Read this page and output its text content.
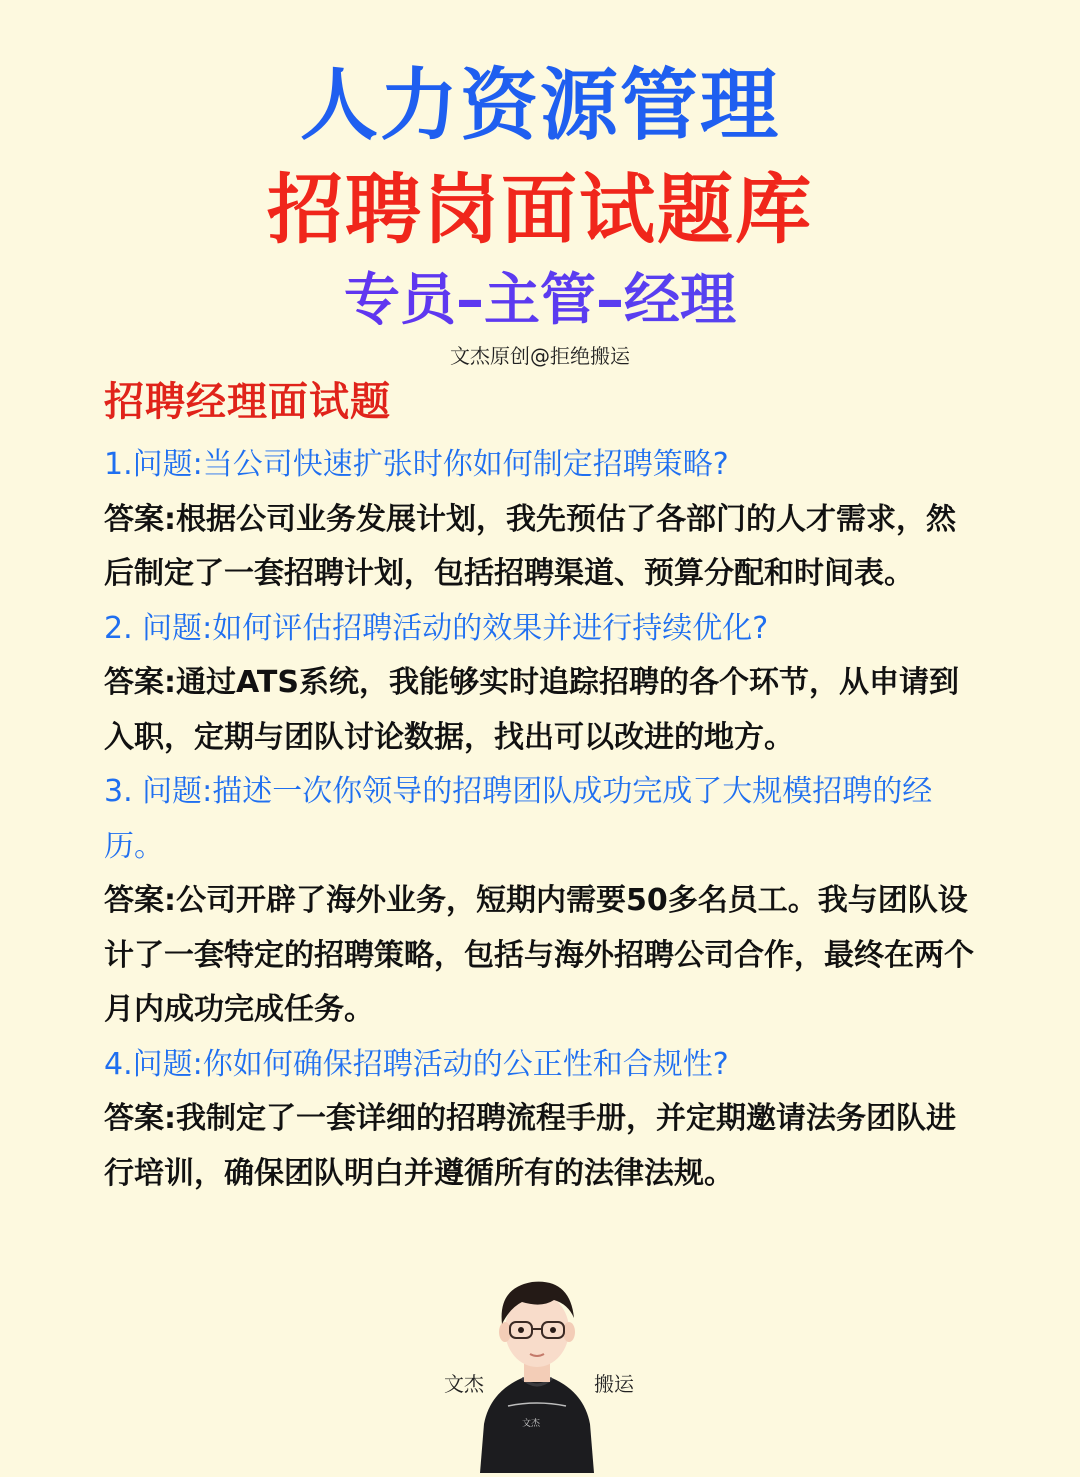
人力资源管理
招聘岗面试题库
专员–主管–经理
文杰原创@拒绝搬运
招聘经理面试题
1.问题:当公司快速扩张时你如何制定招聘策略?
答案:根据公司业务发展计划，我先预估了各部门的人才需求，然后制定了一套招聘计划，包括招聘渠道、预算分配和时间表。
2. 问题:如何评估招聘活动的效果并进行持续优化?
答案:通过ATS系统，我能够实时追踪招聘的各个环节，从申请到入职，定期与团队讨论数据，找出可以改进的地方。
3. 问题:描述一次你领导的招聘团队成功完成了大规模招聘的经历。
答案:公司开辟了海外业务，短期内需要50多名员工。我与团队设计了一套特定的招聘策略，包括与海外招聘公司合作，最终在两个月内成功完成任务。
4.问题:你如何确保招聘活动的公正性和合规性?
答案:我制定了一套详细的招聘流程手册，并定期邀请法务团队进行培训，确保团队明白并遵循所有的法律法规。
文杰	搬运
文杰
